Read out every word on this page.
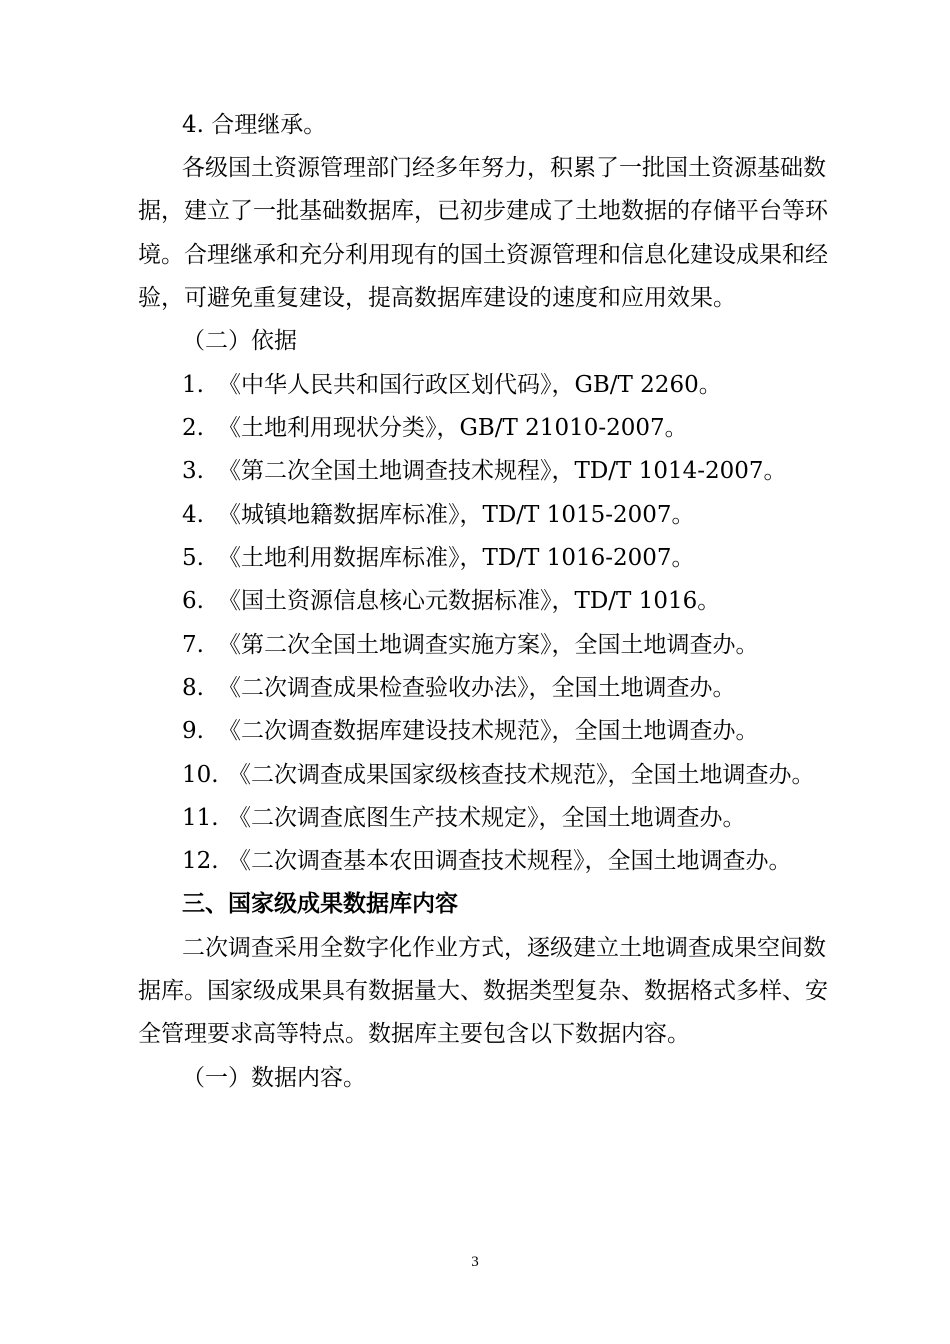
4. 合理继承。
各级国土资源管理部门经多年努力，积累了一批国土资源基础数
据，建立了一批基础数据库，已初步建成了土地数据的存储平台等环
境。合理继承和充分利用现有的国土资源管理和信息化建设成果和经
验，可避免重复建设，提高数据库建设的速度和应用效果。
（二）依据
1. 《中华人民共和国行政区划代码》，GB/T 2260。
2. 《土地利用现状分类》，GB/T 21010-2007。
3. 《第二次全国土地调查技术规程》，TD/T 1014-2007。
4. 《城镇地籍数据库标准》，TD/T 1015-2007。
5. 《土地利用数据库标准》，TD/T 1016-2007。
6. 《国土资源信息核心元数据标准》，TD/T 1016。
7. 《第二次全国土地调查实施方案》，全国土地调查办。
8. 《二次调查成果检查验收办法》，全国土地调查办。
9. 《二次调查数据库建设技术规范》，全国土地调查办。
10. 《二次调查成果国家级核查技术规范》，全国土地调查办。
11. 《二次调查底图生产技术规定》，全国土地调查办。
12. 《二次调查基本农田调查技术规程》，全国土地调查办。
三、国家级成果数据库内容
二次调查采用全数字化作业方式，逐级建立土地调查成果空间数
据库。国家级成果具有数据量大、数据类型复杂、数据格式多样、安
全管理要求高等特点。数据库主要包含以下数据内容。
（一）数据内容。
3
